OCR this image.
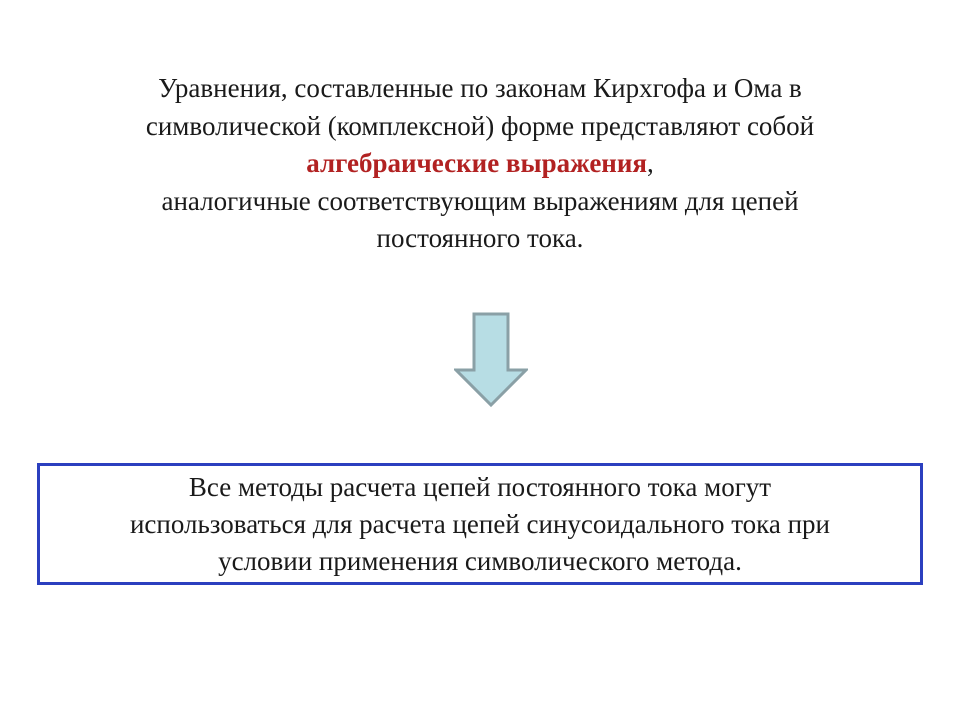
Уравнения, составленные по законам Кирхгофа и Ома в
символической (комплексной) форме представляют собой
алгебраические выражения,
аналогичные соответствующим выражениям для цепей
постоянного тока.
Все методы расчета цепей постоянного тока могут
использоваться для расчета цепей синусоидального тока при
условии применения символического метода.
